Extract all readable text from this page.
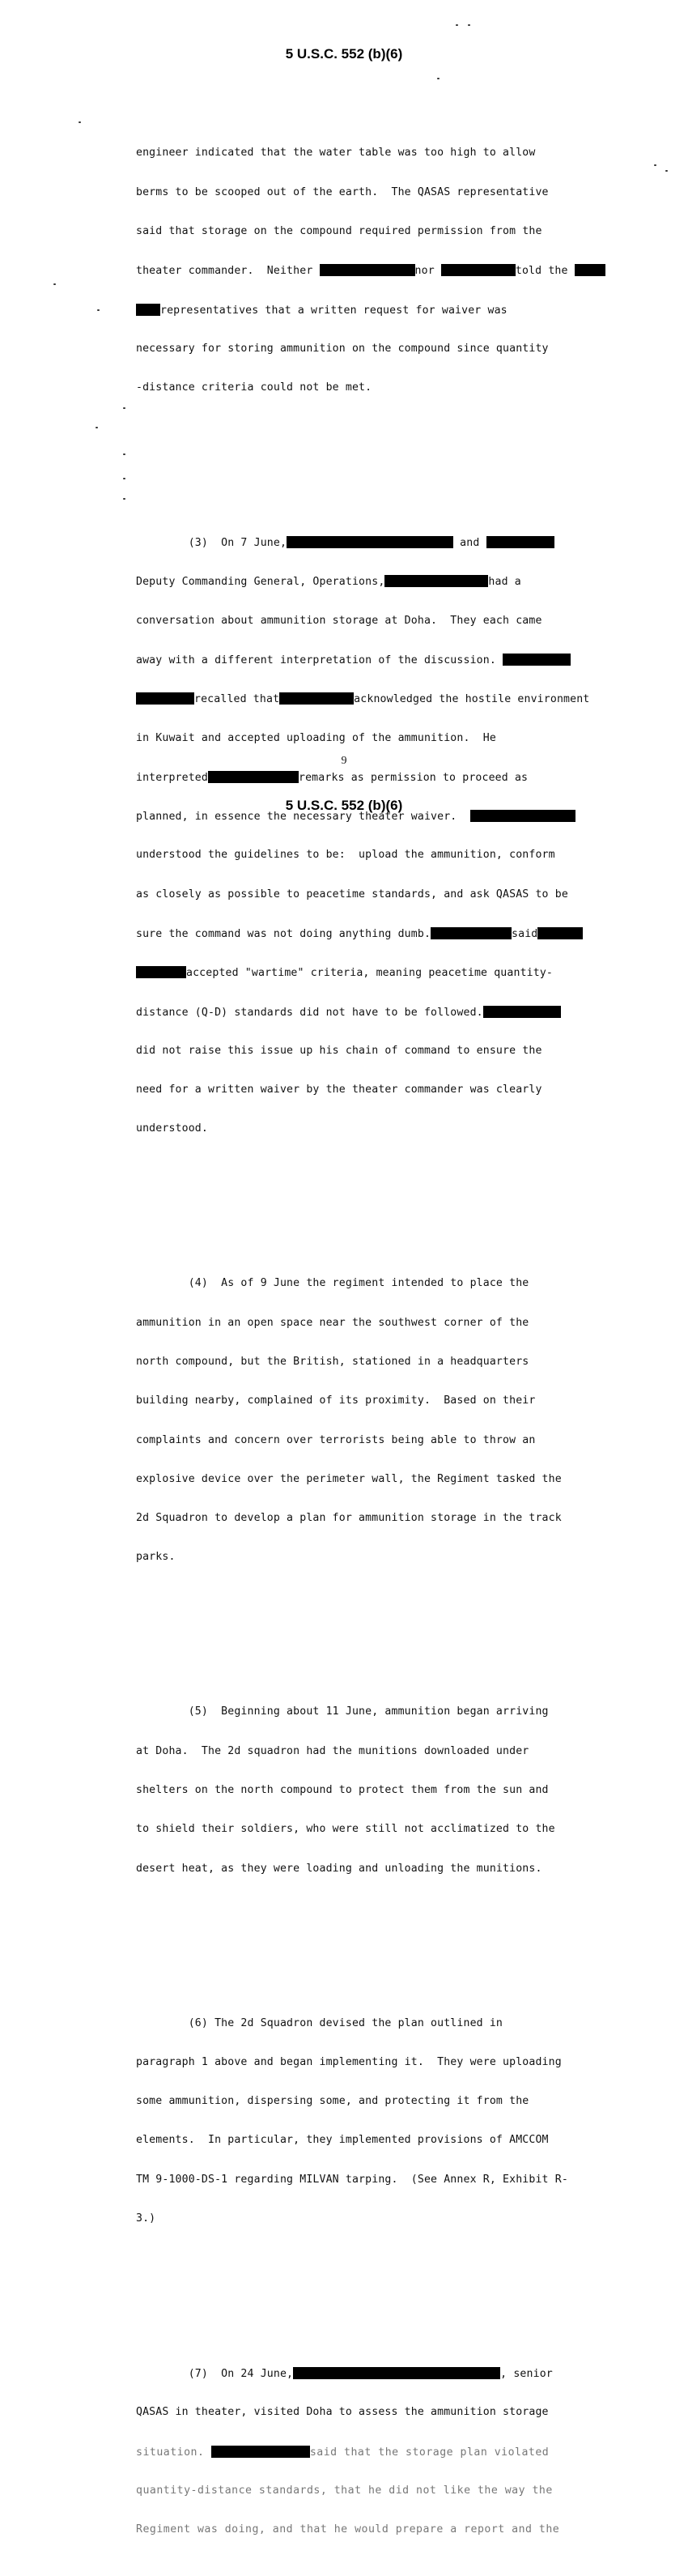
5 U.S.C. 552 (b)(6)

engineer indicated that the water table was too high to allow

berms to be scooped out of the earth.  The QASAS representative

said that storage on the compound required permission from the

theater commander.  Neither	nor	told the

representatives that a written request for waiver was

necessary for storing ammunition on the compound since quantity

-distance criteria could not be met.

(3)  On 7 June,	and

Deputy Commanding General, Operations,	had a

conversation about ammunition storage at Doha.  They each came

away with a different interpretation of the discussion.

recalled that	acknowledged the hostile environment

in Kuwait and accepted uploading of the ammunition.  He

interpreted	remarks as permission to proceed as

planned, in essence the necessary theater waiver.

understood the guidelines to be:  upload the ammunition, conform

as closely as possible to peacetime standards, and ask QASAS to be

sure the command was not doing anything dumb.	said

accepted "wartime" criteria, meaning peacetime quantity-

distance (Q-D) standards did not have to be followed.

did not raise this issue up his chain of command to ensure the

need for a written waiver by the theater commander was clearly

understood.

(4)  As of 9 June the regiment intended to place the

ammunition in an open space near the southwest corner of the

north compound, but the British, stationed in a headquarters

building nearby, complained of its proximity.  Based on their

complaints and concern over terrorists being able to throw an

explosive device over the perimeter wall, the Regiment tasked the

2d Squadron to develop a plan for ammunition storage in the track

parks.

(5)  Beginning about 11 June, ammunition began arriving

at Doha.  The 2d squadron had the munitions downloaded under

shelters on the north compound to protect them from the sun and

to shield their soldiers, who were still not acclimatized to the

desert heat, as they were loading and unloading the munitions.

(6) The 2d Squadron devised the plan outlined in

paragraph 1 above and began implementing it.  They were uploading

some ammunition, dispersing some, and protecting it from the

elements.  In particular, they implemented provisions of AMCCOM

TM 9-1000-DS-1 regarding MILVAN tarping.  (See Annex R, Exhibit R-

3.)

(7)  On 24 June,	, senior

QASAS in theater, visited Doha to assess the ammunition storage

situation.	said that the storage plan violated

quantity-distance standards, that he did not like the way the

Regiment was doing, and that he would prepare a report and the

9
5 U.S.C. 552 (b)(6)
